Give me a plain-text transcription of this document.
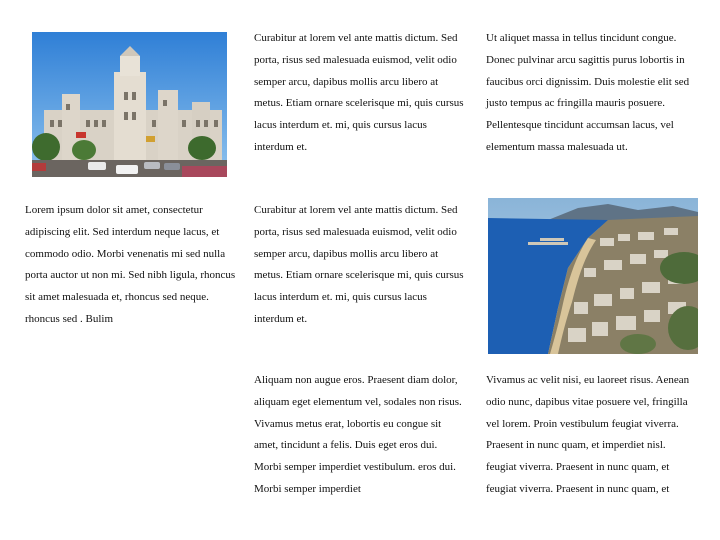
Curabitur at lorem vel ante mattis dictum. Sed porta, risus sed malesuada euismod, velit odio semper arcu, dapibus mollis arcu libero at metus. Etiam ornare scelerisque mi, quis cursus lacus interdum et. mi, quis cursus lacus interdum et.
Ut aliquet massa in tellus tincidunt congue. Donec pulvinar arcu sagittis purus lobortis in faucibus orci dignissim. Duis molestie elit sed justo tempus ac fringilla mauris posuere. Pellentesque tincidunt accumsan lacus, vel elementum massa malesuada ut.
Lorem ipsum dolor sit amet, consectetur adipiscing elit. Sed interdum neque lacus, et commodo odio. Morbi venenatis mi sed nulla porta auctor ut non mi. Sed nibh ligula, rhoncus sit amet malesuada et, rhoncus sed neque. rhoncus sed . Bulim
Curabitur at lorem vel ante mattis dictum. Sed porta, risus sed malesuada euismod, velit odio semper arcu, dapibus mollis arcu libero at metus. Etiam ornare scelerisque mi, quis cursus lacus interdum et. mi, quis cursus lacus interdum et.
Aliquam non augue eros. Praesent diam dolor, aliquam eget elementum vel, sodales non risus. Vivamus metus erat, lobortis eu congue sit amet, tincidunt a felis. Duis eget eros dui. Morbi semper imperdiet vestibulum. eros dui. Morbi semper imperdiet
Vivamus ac velit nisi, eu laoreet risus. Aenean odio nunc, dapibus vitae posuere vel, fringilla vel lorem. Proin vestibulum feugiat viverra. Praesent in nunc quam, et imperdiet nisl. feugiat viverra. Praesent in nunc quam, et feugiat viverra. Praesent in nunc quam, et
